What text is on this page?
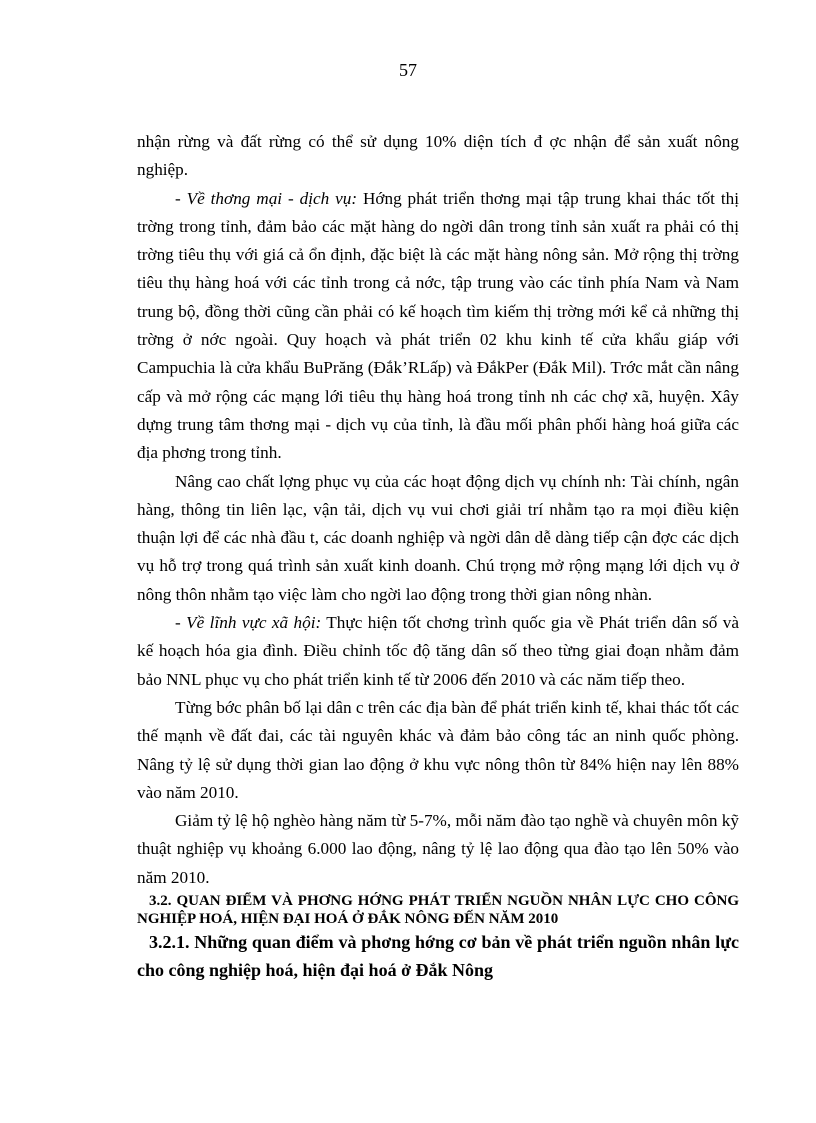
57

nhận rừng và đất rừng có thể sử dụng 10% diện tích đ ợc nhận để sản xuất nông nghiệp.

- Về thơng mại - dịch vụ: Hớng phát triển thơng mại tập trung khai thác tốt thị trờng trong tỉnh, đảm bảo các mặt hàng do ngời dân trong tỉnh sản xuất ra phải có thị trờng tiêu thụ với giá cả ổn định, đặc biệt là các mặt hàng nông sản. Mở rộng thị trờng tiêu thụ hàng hoá với các tỉnh trong cả nớc, tập trung vào các tỉnh phía Nam và Nam trung bộ, đồng thời cũng cần phải có kế hoạch tìm kiếm thị trờng mới kể cả những thị trờng ở nớc ngoài. Quy hoạch và phát triển 02 khu kinh tế cửa khẩu giáp với Campuchia là cửa khẩu BuPrăng (Đắk’RLấp) và ĐắkPer (Đắk Mil). Trớc mắt cần nâng cấp và mở rộng các mạng lới tiêu thụ hàng hoá trong tỉnh nh các chợ xã, huyện. Xây dựng trung tâm thơng mại - dịch vụ của tỉnh, là đầu mối phân phối hàng hoá giữa các địa phơng trong tỉnh.

Nâng cao chất lợng phục vụ của các hoạt động dịch vụ chính nh: Tài chính, ngân hàng, thông tin liên lạc, vận tải, dịch vụ vui chơi giải trí nhằm tạo ra mọi điều kiện thuận lợi để các nhà đầu t, các doanh nghiệp và ngời dân dễ dàng tiếp cận đợc các dịch vụ hỗ trợ trong quá trình sản xuất kinh doanh. Chú trọng mở rộng mạng lới dịch vụ ở nông thôn nhằm tạo việc làm cho ngời lao động trong thời gian nông nhàn.

- Về lĩnh vực xã hội: Thực hiện tốt chơng trình quốc gia về Phát triển dân số và kế hoạch hóa gia đình. Điều chỉnh tốc độ tăng dân số theo từng giai đoạn nhằm đảm bảo NNL phục vụ cho phát triển kinh tế từ 2006 đến 2010 và các năm tiếp theo.

Từng bớc phân bố lại dân c trên các địa bàn để phát triển kinh tế, khai thác tốt các thế mạnh về đất đai, các tài nguyên khác và đảm bảo công tác an ninh quốc phòng. Nâng tỷ lệ sử dụng thời gian lao động ở khu vực nông thôn từ 84% hiện nay lên 88% vào năm 2010.

Giảm tỷ lệ hộ nghèo hàng năm từ 5-7%, mỗi năm đào tạo nghề và chuyên môn kỹ thuật nghiệp vụ khoảng 6.000 lao động, nâng tỷ lệ lao động qua đào tạo lên 50% vào năm 2010.

3.2. QUAN ĐIỂM VÀ PHƠNG HỚNG PHÁT TRIỂN NGUỒN NHÂN LỰC CHO CÔNG NGHIỆP HOÁ, HIỆN ĐẠI HOÁ Ở ĐẮK NÔNG ĐẾN NĂM 2010

3.2.1. Những quan điểm và phơng hớng cơ bản về phát triển nguồn nhân lực cho công nghiệp hoá, hiện đại hoá ở Đắk Nông
